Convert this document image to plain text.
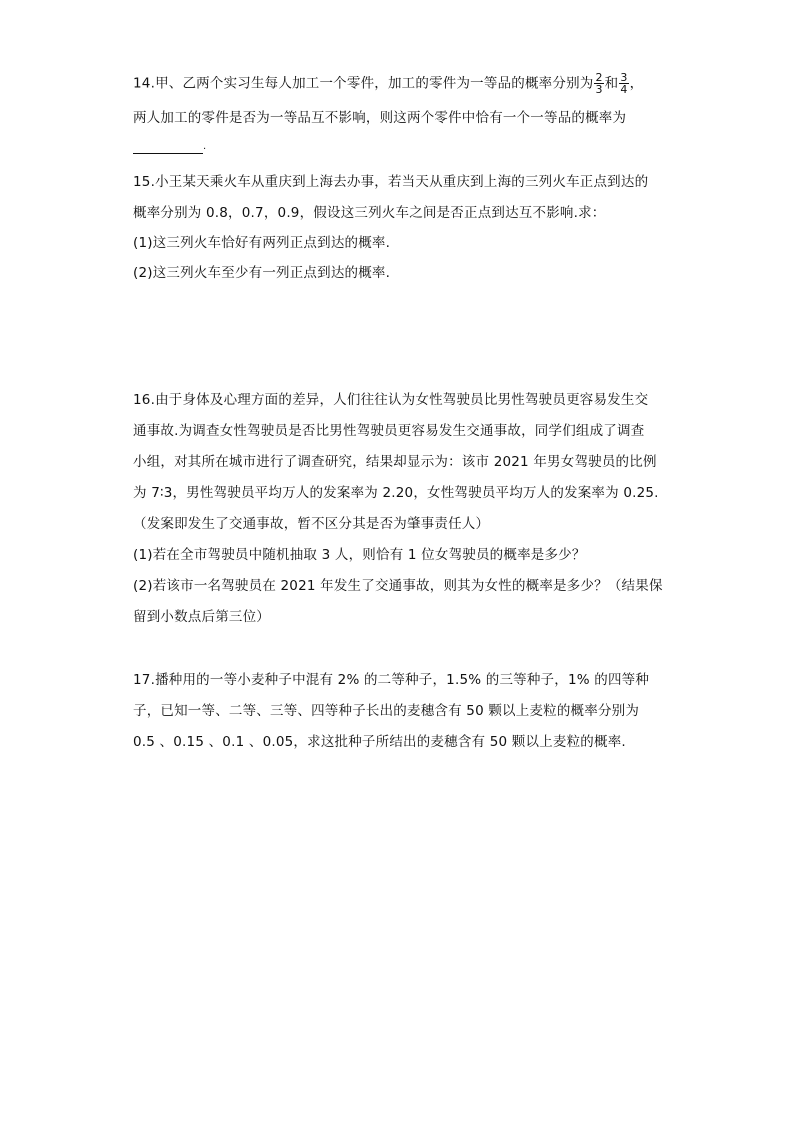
14.甲、乙两个实习生每人加工一个零件，加工的零件为一等品的概率分别为 $\frac{2}{3}$ 和 $\frac{3}{4}$ ，
两人加工的零件是否为一等品互不影响，则这两个零件中恰有一个一等品的概率为
.
15.小王某天乘火车从重庆到上海去办事，若当天从重庆到上海的三列火车正点到达的
概率分别为 0.8，0.7，0.9，假设这三列火车之间是否正点到达互不影响.求：
(1)这三列火车恰好有两列正点到达的概率.
(2)这三列火车至少有一列正点到达的概率.
16.由于身体及心理方面的差异，人们往往认为女性驾驶员比男性驾驶员更容易发生交
通事故.为调查女性驾驶员是否比男性驾驶员更容易发生交通事故，同学们组成了调查
小组，对其所在城市进行了调查研究，结果却显示为：该市 2021 年男女驾驶员的比例
为 7∶3，男性驾驶员平均万人的发案率为 2.20，女性驾驶员平均万人的发案率为 0.25.
（发案即发生了交通事故，暂不区分其是否为肇事责任人）
(1)若在全市驾驶员中随机抽取 3 人，则恰有 1 位女驾驶员的概率是多少？
(2)若该市一名驾驶员在 2021 年发生了交通事故，则其为女性的概率是多少？（结果保
留到小数点后第三位）
17.播种用的一等小麦种子中混有 2% 的二等种子，1.5% 的三等种子，1% 的四等种
子，已知一等、二等、三等、四等种子长出的麦穗含有 50 颗以上麦粒的概率分别为
0.5 、0.15 、0.1 、0.05，求这批种子所结出的麦穗含有 50 颗以上麦粒的概率.
